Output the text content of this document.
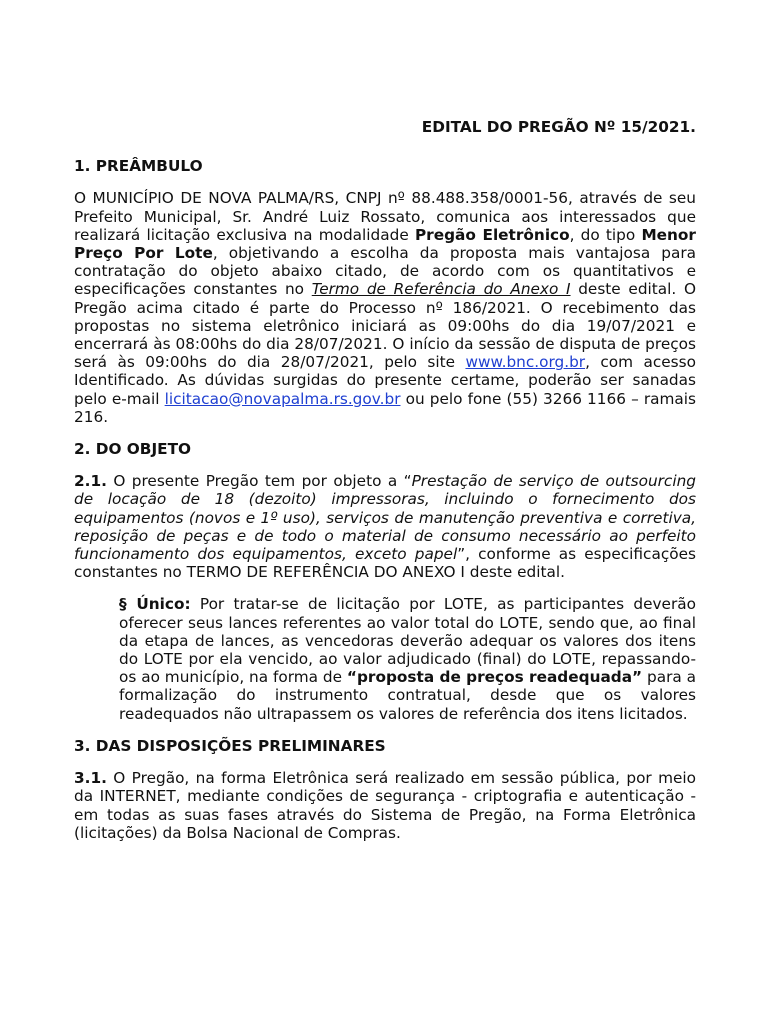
EDITAL DO PREGÃO Nº 15/2021.
1. PREÂMBULO

O MUNICÍPIO DE NOVA PALMA/RS, CNPJ nº 88.488.358/0001-56, através de seu Prefeito Municipal, Sr. André Luiz Rossato, comunica aos interessados que realizará licitação exclusiva na modalidade Pregão Eletrônico, do tipo Menor Preço Por Lote, objetivando a escolha da proposta mais vantajosa para contratação do objeto abaixo citado, de acordo com os quantitativos e especificações constantes no Termo de Referência do Anexo I deste edital. O Pregão acima citado é parte do Processo nº 186/2021. O recebimento das propostas no sistema eletrônico iniciará as 09:00hs do dia 19/07/2021 e encerrará às 08:00hs do dia 28/07/2021. O início da sessão de disputa de preços será às 09:00hs do dia 28/07/2021, pelo site www.bnc.org.br, com acesso Identificado. As dúvidas surgidas do presente certame, poderão ser sanadas pelo e-mail licitacao@novapalma.rs.gov.br ou pelo fone (55) 3266 1166 – ramais 216.

2. DO OBJETO

2.1. O presente Pregão tem por objeto a “Prestação de serviço de outsourcing de locação de 18 (dezoito) impressoras, incluindo o fornecimento dos equipamentos (novos e 1º uso), serviços de manutenção preventiva e corretiva, reposição de peças e de todo o material de consumo necessário ao perfeito funcionamento dos equipamentos, exceto papel”, conforme as especificações constantes no TERMO DE REFERÊNCIA DO ANEXO I deste edital.

§ Único: Por tratar-se de licitação por LOTE, as participantes deverão oferecer seus lances referentes ao valor total do LOTE, sendo que, ao final da etapa de lances, as vencedoras deverão adequar os valores dos itens do LOTE por ela vencido, ao valor adjudicado (final) do LOTE, repassando-os ao município, na forma de “proposta de preços readequada” para a formalização do instrumento contratual, desde que os valores readequados não ultrapassem os valores de referência dos itens licitados.

3. DAS DISPOSIÇÕES PRELIMINARES

3.1. O Pregão, na forma Eletrônica será realizado em sessão pública, por meio da INTERNET, mediante condições de segurança - criptografia e autenticação - em todas as suas fases através do Sistema de Pregão, na Forma Eletrônica (licitações) da Bolsa Nacional de Compras.
